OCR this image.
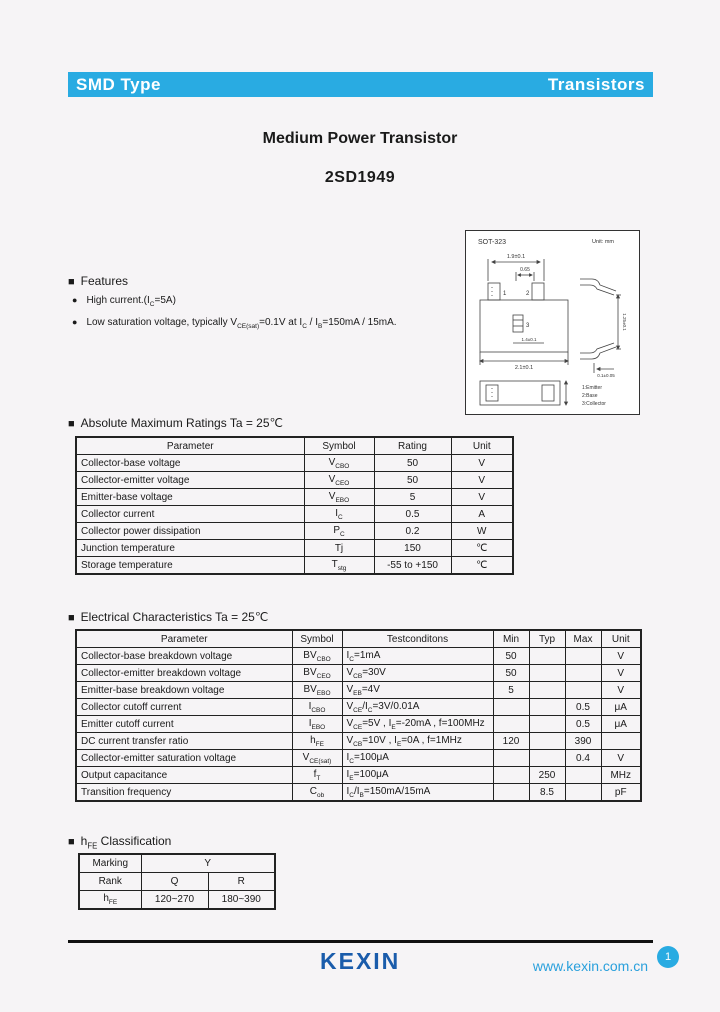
SMD Type	Transistors
Medium Power Transistor
2SD1949
SOT-323	Unit: mm
1.9±0.1
0.65
1	2
3
1.4±0.1
2.1±0.1
1.25±0.1
0.1±0.05
1:Emitter
2:Base
3:Collector
■ Features
● High $current.(I_C=5A)$
● Low saturation voltage, typically $V_{CE(sat)}=0.1V$ at $I_C / I_B=150mA / 15mA$.
■ Absolute Maximum Ratings Ta = 25℃
Parameter	Symbol	Rating	Unit
Collector-base voltage	$V_{CBO}$	50	V
Collector-emitter voltage	$V_{CEO}$	50	V
Emitter-base voltage	$V_{EBO}$	5	V
Collector current	$I_C$	0.5	A
Collector power dissipation	$P_C$	0.2	W
Junction temperature	Tj	150	℃
Storage temperature	$T_{stg}$	-55 to +150	℃
■ Electrical Characteristics Ta = 25℃
Parameter	Symbol	Testconditons	Min	Typ	Max	Unit
Collector-base breakdown voltage	$BV_{CBO}$	$I_C=1mA$	50			V
Collector-emitter breakdown voltage	$BV_{CEO}$	$V_{CB}=30V$	50			V
Emitter-base breakdown voltage	$BV_{EBO}$	$V_{EB}=4V$	5			V
Collector cutoff current	$I_{CBO}$	$V_{CE}/I_C=3V/0.01A$			0.5	μA
Emitter cutoff current	$I_{EBO}$	$V_{CE}=5V$ , $I_E=-20mA$ , f=100MHz			0.5	μA
DC current transfer ratio	$h_{FE}$	$V_{CB}=10V$ , $I_E=0A$ , f=1MHz	120		390	
Collector-emitter saturation voltage	$V_{CE(sat)}$	$I_C=100\mu A$			0.4	V
Output capacitance	$f_T$	$I_E=100\mu A$		250		MHz
Transition frequency	$C_{ob}$	$I_C/I_B=150mA/15mA$		8.5		pF
■ $h_{FE}$ Classification
Marking	Y	
Rank	Q	R
$h_{FE}$	120~270	180~390
KEXIN	www.kexin.com.cn
1
